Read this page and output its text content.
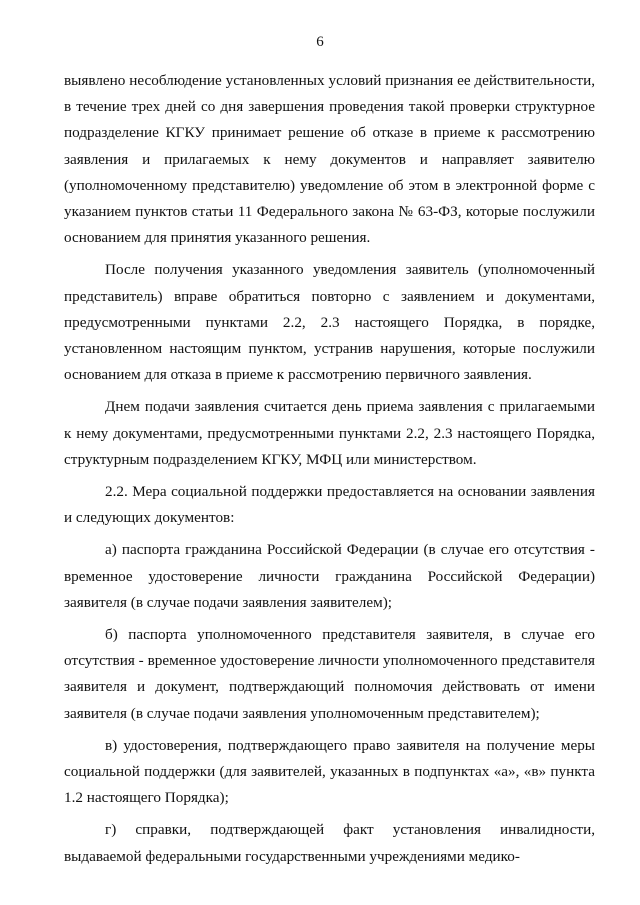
6

выявлено несоблюдение установленных условий признания ее действительности, в течение трех дней со дня завершения проведения такой проверки структурное подразделение КГКУ принимает решение об отказе в приеме к рассмотрению заявления и прилагаемых к нему документов и направляет заявителю (уполномоченному представителю) уведомление об этом в электронной форме с указанием пунктов статьи 11 Федерального закона № 63-ФЗ, которые послужили основанием для принятия указанного решения.

После получения указанного уведомления заявитель (уполномоченный представитель) вправе обратиться повторно с заявлением и документами, предусмотренными пунктами 2.2, 2.3 настоящего Порядка, в порядке, установленном настоящим пунктом, устранив нарушения, которые послужили основанием для отказа в приеме к рассмотрению первичного заявления.

Днем подачи заявления считается день приема заявления с прилагаемыми к нему документами, предусмотренными пунктами 2.2, 2.3 настоящего Порядка, структурным подразделением КГКУ, МФЦ или министерством.

2.2. Мера социальной поддержки предоставляется на основании заявления и следующих документов:

а) паспорта гражданина Российской Федерации (в случае его отсутствия - временное удостоверение личности гражданина Российской Федерации) заявителя (в случае подачи заявления заявителем);

б) паспорта уполномоченного представителя заявителя, в случае его отсутствия - временное удостоверение личности уполномоченного представителя заявителя и документ, подтверждающий полномочия действовать от имени заявителя (в случае подачи заявления уполномоченным представителем);

в) удостоверения, подтверждающего право заявителя на получение меры социальной поддержки (для заявителей, указанных в подпунктах «а», «в» пункта 1.2 настоящего Порядка);

г) справки, подтверждающей факт установления инвалидности, выдаваемой федеральными государственными учреждениями медико-
